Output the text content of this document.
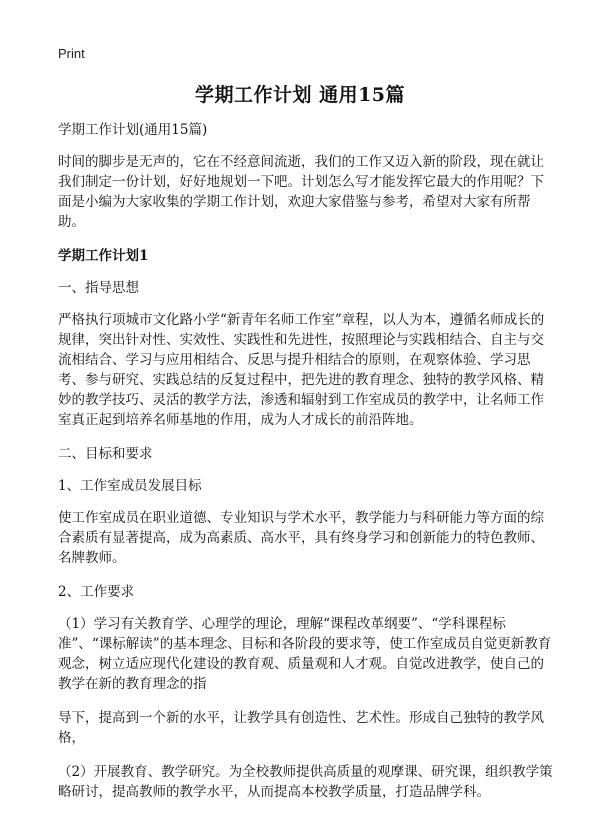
Print
学期工作计划 通用15篇

学期工作计划(通用15篇)

时间的脚步是无声的，它在不经意间流逝，我们的工作又迈入新的阶段，现在就让我们制定一份计划，好好地规划一下吧。计划怎么写才能发挥它最大的作用呢？下面是小编为大家收集的学期工作计划，欢迎大家借鉴与参考，希望对大家有所帮助。

学期工作计划1

一、指导思想

严格执行项城市文化路小学“新青年名师工作室”章程，以人为本，遵循名师成长的规律，突出针对性、实效性、实践性和先进性，按照理论与实践相结合、自主与交流相结合、学习与应用相结合、反思与提升相结合的原则，在观察体验、学习思考、参与研究、实践总结的反复过程中，把先进的教育理念、独特的教学风格、精妙的教学技巧、灵活的教学方法，渗透和辐射到工作室成员的教学中，让名师工作室真正起到培养名师基地的作用，成为人才成长的前沿阵地。

二、目标和要求

1、工作室成员发展目标

使工作室成员在职业道德、专业知识与学术水平，教学能力与科研能力等方面的综合素质有显著提高，成为高素质、高水平，具有终身学习和创新能力的特色教师、名牌教师。

2、工作要求

（1）学习有关教育学、心理学的理论，理解“课程改革纲要”、“学科课程标准”、“课标解读”的基本理念、目标和各阶段的要求等，使工作室成员自觉更新教育观念，树立适应现代化建设的教育观、质量观和人才观。自觉改进教学，使自己的教学在新的教育理念的指

导下，提高到一个新的水平，让教学具有创造性、艺术性。形成自己独特的教学风格，

（2）开展教育、教学研究。为全校教师提供高质量的观摩课、研究课，组织教学策略研讨，提高教师的教学水平，从而提高本校教学质量，打造品牌学科。
